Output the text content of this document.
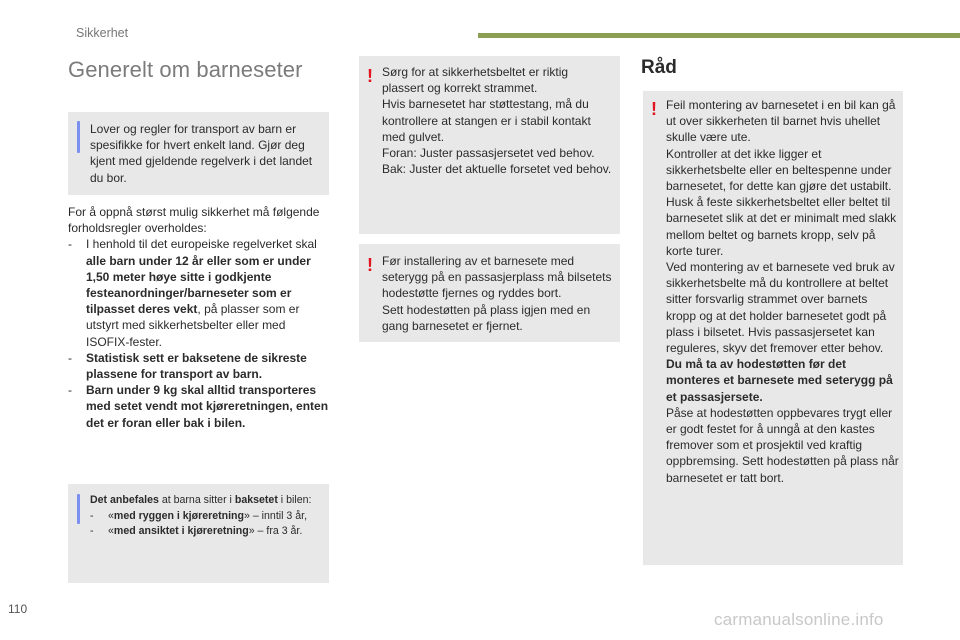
Sikkerhet
Generelt om barneseter

Lover og regler for transport av barn er spesifikke for hvert enkelt land. Gjør deg kjent med gjeldende regelverk i det landet du bor.

For å oppnå størst mulig sikkerhet må følgende forholdsregler overholdes:

- I henhold til det europeiske regelverket skal alle barn under 12 år eller som er under 1,50 meter høye sitte i godkjente festeanordninger/barneseter som er tilpasset deres vekt, på plasser som er utstyrt med sikkerhetsbelter eller med ISOFIX-fester.
- Statistisk sett er baksetene de sikreste plassene for transport av barn.
- Barn under 9 kg skal alltid transporteres med setet vendt mot kjøreretningen, enten det er foran eller bak i bilen.

Det anbefales at barna sitter i baksetet i bilen:

- «med ryggen i kjøreretning» – inntil 3 år,
- «med ansiktet i kjøreretning» – fra 3 år.
! Sørg for at sikkerhetsbeltet er riktig plassert og korrekt strammet.

Hvis barnesetet har støttestang, må du kontrollere at stangen er i stabil kontakt med gulvet.

Foran: Juster passasjersetet ved behov.

Bak: Juster det aktuelle forsetet ved behov.

! Før installering av et barnesete med seterygg på en passasjerplass må bilsetets hodestøtte fjernes og ryddes bort.

Sett hodestøtten på plass igjen med en gang barnesetet er fjernet.

Råd
! Feil montering av barnesetet i en bil kan gå ut over sikkerheten til barnet hvis uhellet skulle være ute.

Kontroller at det ikke ligger et sikkerhetsbelte eller en beltespenne under barnesetet, for dette kan gjøre det ustabilt.

Husk å feste sikkerhetsbeltet eller beltet til barnesetet slik at det er minimalt med slakk mellom beltet og barnets kropp, selv på korte turer.

Ved montering av et barnesete ved bruk av sikkerhetsbelte må du kontrollere at beltet sitter forsvarlig strammet over barnets kropp og at det holder barnesetet godt på plass i bilsetet. Hvis passasjersetet kan reguleres, skyv det fremover etter behov.

Du må ta av hodestøtten før det monteres et barnesete med seterygg på et passasjersete.

Påse at hodestøtten oppbevares trygt eller er godt festet for å unngå at den kastes fremover som et prosjektil ved kraftig oppbremsing. Sett hodestøtten på plass når barnesetet er tatt bort.

110
carmanualsonline.info
